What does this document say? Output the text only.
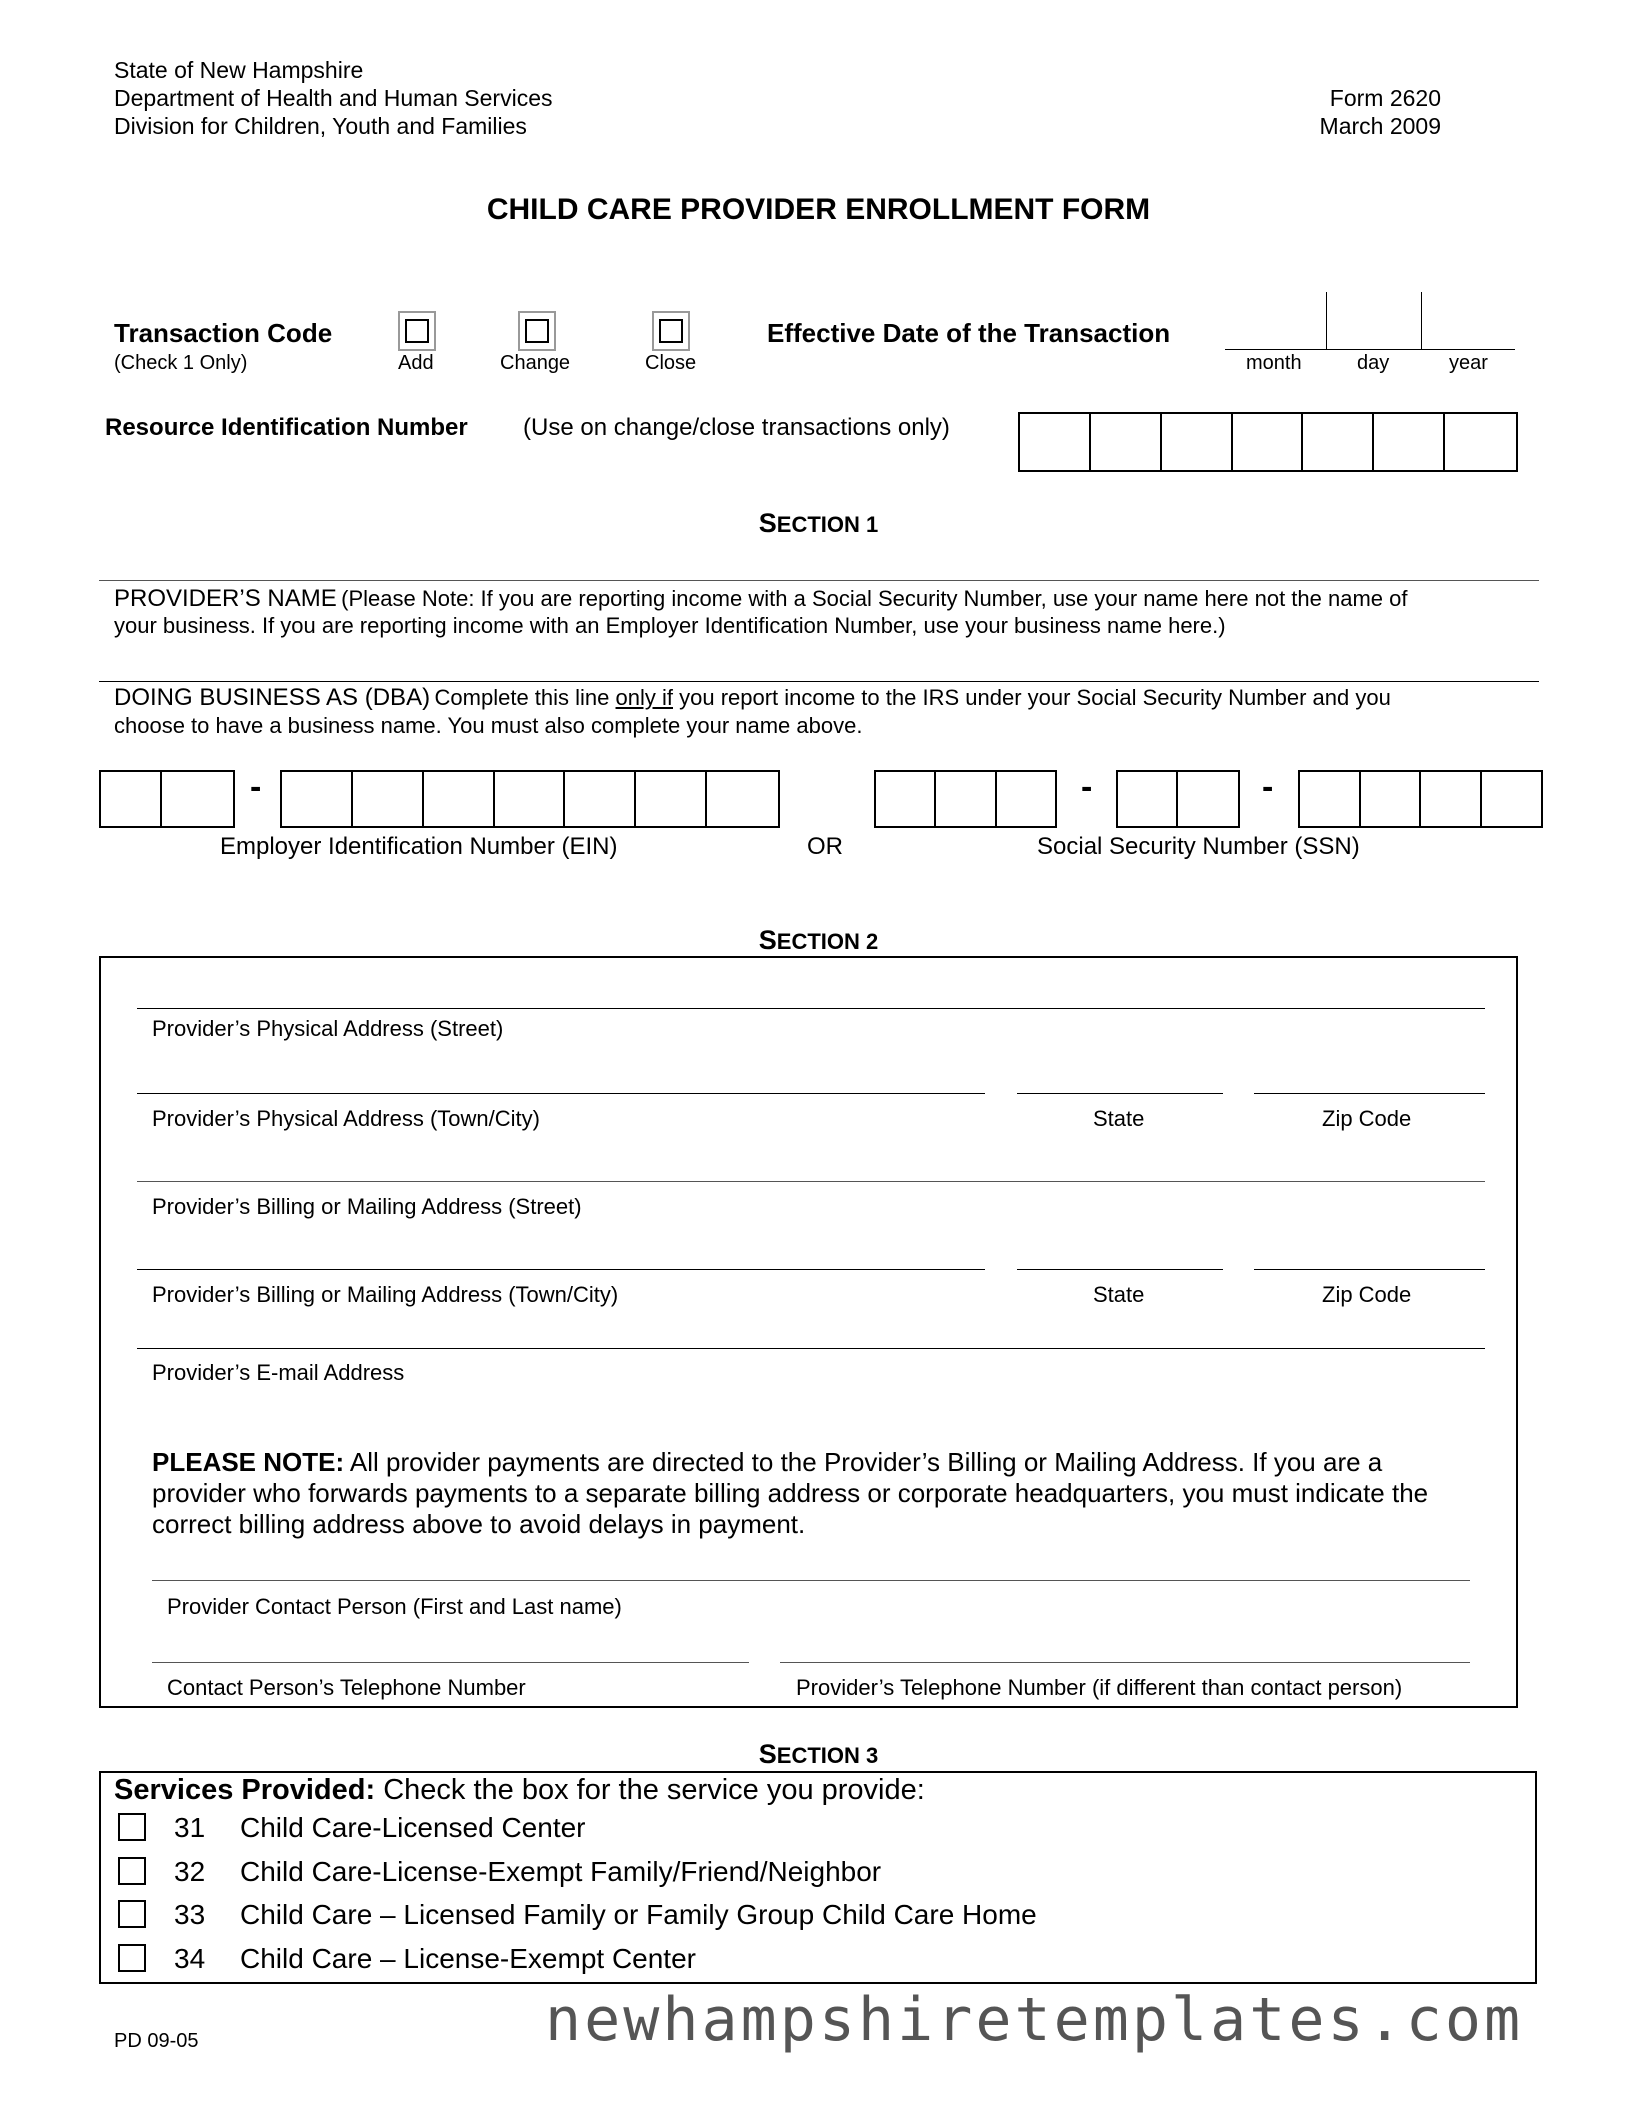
State of New Hampshire
Department of Health and Human Services
Division for Children, Youth and Families
Form 2620
March 2009
CHILD CARE PROVIDER ENROLLMENT FORM
Transaction Code
(Check 1 Only)	Add	Change	Close
Effective Date of the Transaction
month	day	year
Resource Identification Number (Use on change/close transactions only)
SECTION 1
PROVIDER’S NAME (Please Note: If you are reporting income with a Social Security Number, use your name here not the name of
your business. If you are reporting income with an Employer Identification Number, use your business name here.)
DOING BUSINESS AS (DBA) Complete this line only if you report income to the IRS under your Social Security Number and you
choose to have a business name. You must also complete your name above.
-
Employer Identification Number (EIN)	OR
-	-
Social Security Number (SSN)
SECTION 2
Provider’s Physical Address (Street)
Provider’s Physical Address (Town/City)	State	Zip Code
Provider’s Billing or Mailing Address (Street)
Provider’s Billing or Mailing Address (Town/City)	State	Zip Code
Provider’s E-mail Address
PLEASE NOTE: All provider payments are directed to the Provider’s Billing or Mailing Address. If you are a
provider who forwards payments to a separate billing address or corporate headquarters, you must indicate the
correct billing address above to avoid delays in payment.
Provider Contact Person (First and Last name)
Contact Person’s Telephone Number	Provider’s Telephone Number (if different than contact person)
SECTION 3
Services Provided: Check the box for the service you provide:
31 Child Care-Licensed Center
32 Child Care-License-Exempt Family/Friend/Neighbor
33 Child Care – Licensed Family or Family Group Child Care Home
34 Child Care – License-Exempt Center
PD 09-05	newhampshiretemplates.com
